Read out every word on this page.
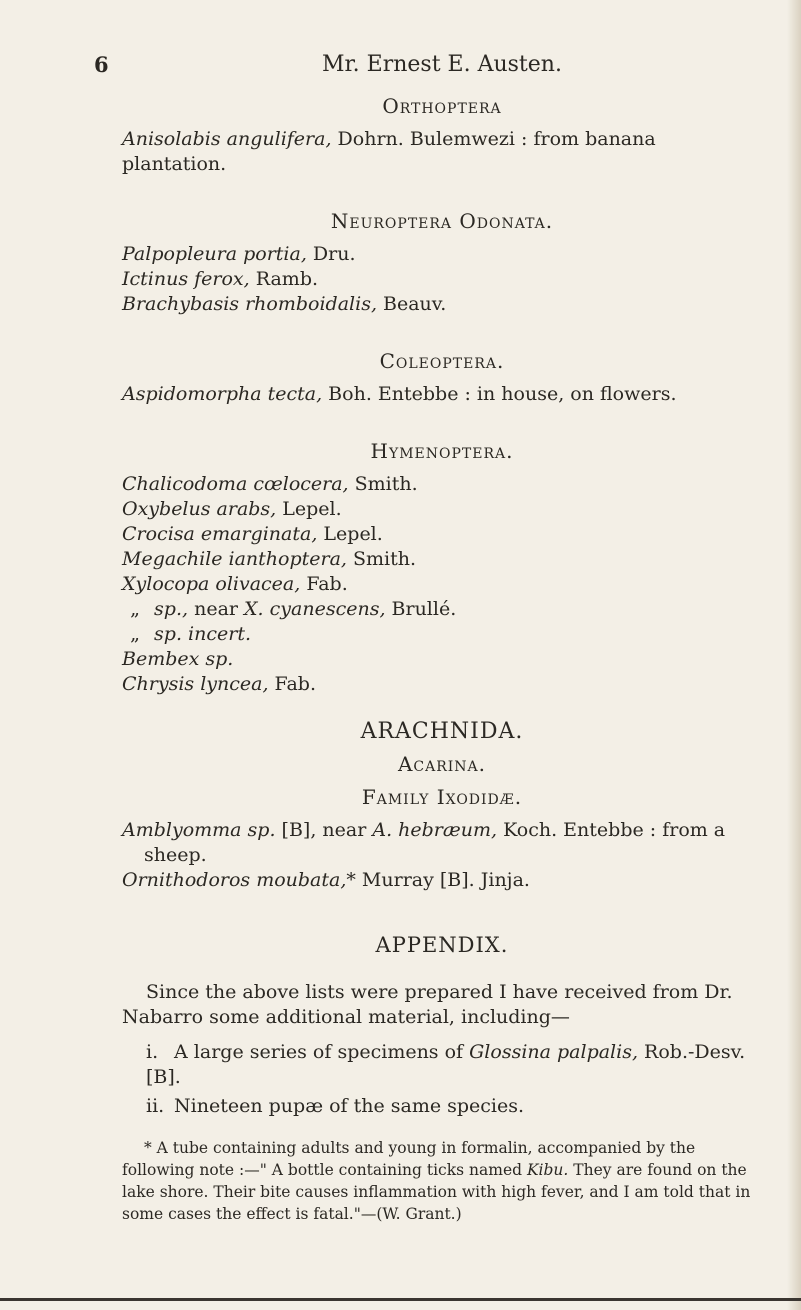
6	Mr. Ernest E. Austen.

Orthoptera

Anisolabis angulifera, Dohrn. Bulemwezi : from banana plantation.

Neuroptera Odonata.

Palpopleura portia, Dru.

Ictinus ferox, Ramb.

Brachybasis rhomboidalis, Beauv.

Coleoptera.

Aspidomorpha tecta, Boh. Entebbe : in house, on flowers.

Hymenoptera.

Chalicodoma cœlocera, Smith.

Oxybelus arabs, Lepel.

Crocisa emarginata, Lepel.

Megachile ianthoptera, Smith.

Xylocopa olivacea, Fab.

„ sp., near X. cyanescens, Brullé.

„ sp. incert.

Bembex sp.

Chrysis lyncea, Fab.

ARACHNIDA.

Acarina.

Family Ixodidæ.

Amblyomma sp. [B], near A. hebræum, Koch. Entebbe : from a sheep.

Ornithodoros moubata,* Murray [B]. Jinja.

APPENDIX.

Since the above lists were prepared I have received from Dr. Nabarro some additional material, including—

i. A large series of specimens of Glossina palpalis, Rob.-Desv. [B].

ii. Nineteen pupæ of the same species.

* A tube containing adults and young in formalin, accompanied by the following note :—" A bottle containing ticks named Kibu. They are found on the lake shore. Their bite causes inflammation with high fever, and I am told that in some cases the effect is fatal."—(W. Grant.)
